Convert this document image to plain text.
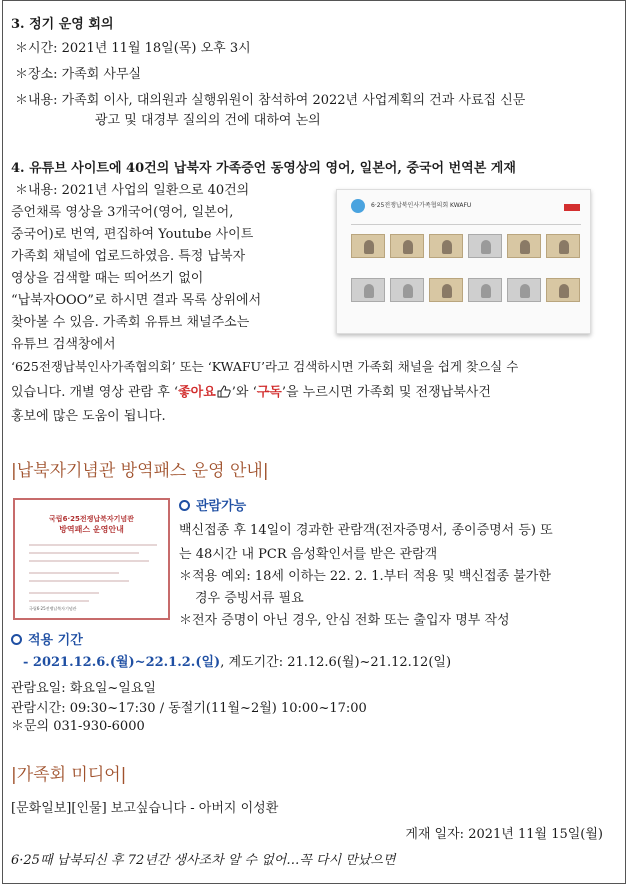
3. 정기 운영 회의
＊시간: 2021년 11월 18일(목) 오후 3시
＊장소: 가족회 사무실
＊내용: 가족회 이사, 대의원과 실행위원이 참석하여 2022년 사업계획의 건과 사료집 신문
광고 및 대경부 질의의 건에 대하여 논의
4. 유튜브 사이트에 40건의 납북자 가족증언 동영상의 영어, 일본어, 중국어 번역본 게재
＊내용: 2021년 사업의 일환으로 40건의
증언채록 영상을 3개국어(영어, 일본어,
중국어)로 번역, 편집하여 Youtube 사이트
가족회 채널에 업로드하였음. 특정 납북자
영상을 검색할 때는 띄어쓰기 없이
“납북자OOO”로 하시면 결과 목록 상위에서
찾아볼 수 있음. 가족회 유튜브 채널주소는
유튜브 검색창에서
‘625전쟁납북인사가족협의회’ 또는 ‘KWAFU’라고 검색하시면 가족회 채널을 쉽게 찾으실 수
있습니다. 개별 영상 관람 후 ‘좋아요 ’와 ‘구독’을 누르시면 가족회 및 전쟁납북사건
홍보에 많은 도움이 됩니다.
6·25전쟁납북인사가족협의회 KWAFU
|납북자기념관 방역패스 운영 안내|
국립6·25전쟁납북자기념관
방역패스 운영안내
국립6·25전쟁납북자기념관
관람가능
백신접종 후 14일이 경과한 관람객(전자증명서, 종이증명서 등) 또
는 48시간 내 PCR 음성확인서를 받은 관람객
＊적용 예외: 18세 이하는 22. 2. 1.부터 적용 및 백신접종 불가한
경우 증빙서류 필요
＊전자 증명이 아닌 경우, 안심 전화 또는 출입자 명부 작성
적용 기간
- 2021.12.6.(월)~22.1.2.(일), 계도기간: 21.12.6(월)~21.12.12(일)
관람요일: 화요일~일요일
관람시간: 09:30~17:30 / 동절기(11월~2월) 10:00~17:00
＊문의 031-930-6000
|가족회 미디어|
[문화일보][인물] 보고싶습니다 - 아버지 이성환
게재 일자: 2021년 11월 15일(월)
6·25때 납북되신 후 72년간 생사조차 알 수 없어…꼭 다시 만났으면
